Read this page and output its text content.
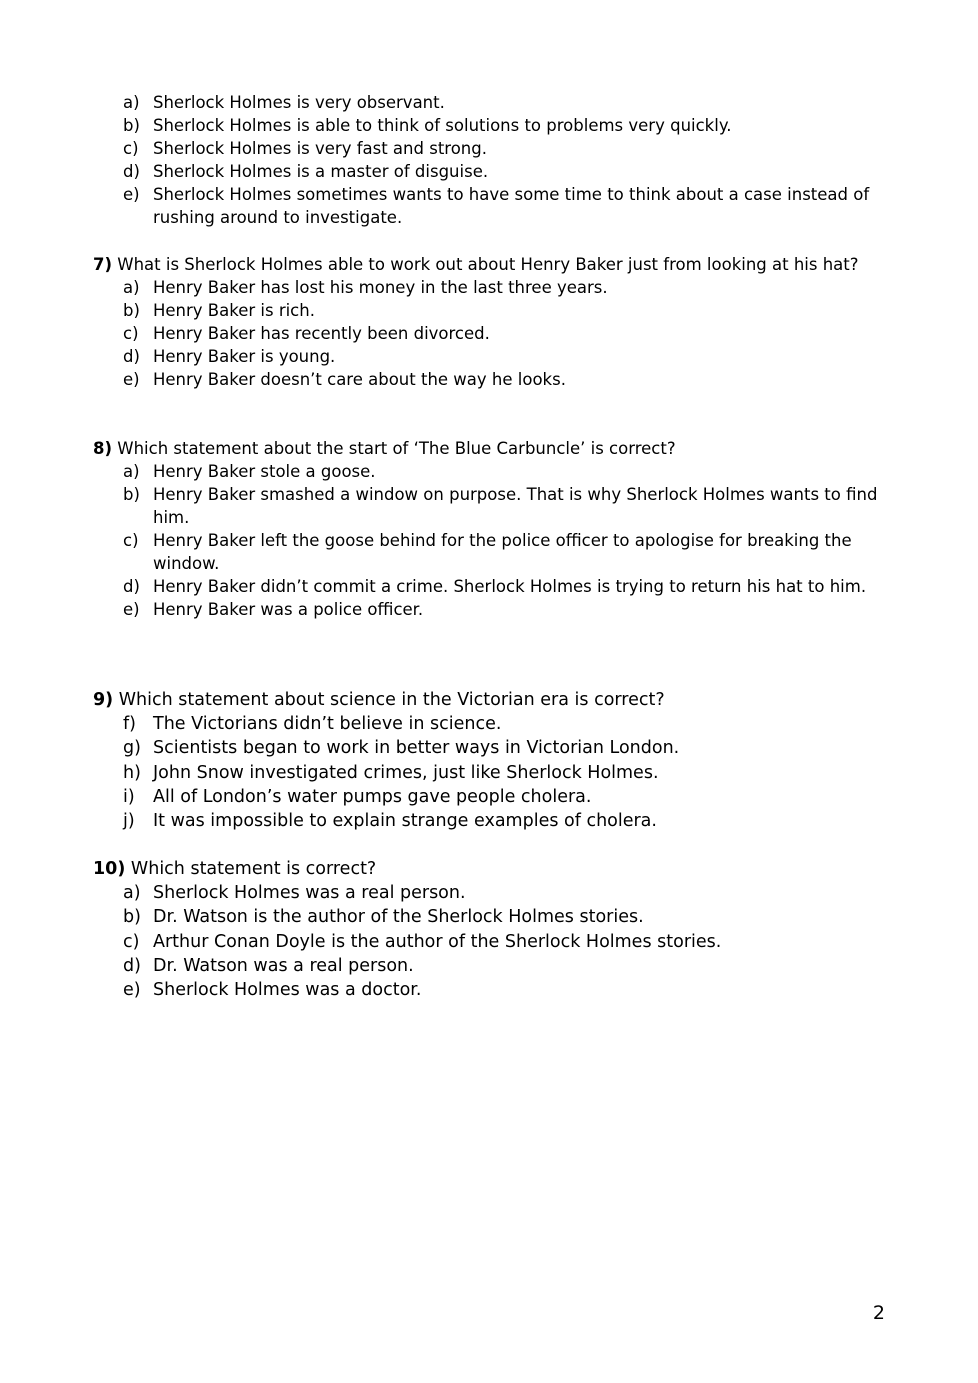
a) Sherlock Holmes is very observant.
b) Sherlock Holmes is able to think of solutions to problems very quickly.
c) Sherlock Holmes is very fast and strong.
d) Sherlock Holmes is a master of disguise.
e) Sherlock Holmes sometimes wants to have some time to think about a case instead of rushing around to investigate.

7) What is Sherlock Holmes able to work out about Henry Baker just from looking at his hat?

a) Henry Baker has lost his money in the last three years.
b) Henry Baker is rich.
c) Henry Baker has recently been divorced.
d) Henry Baker is young.
e) Henry Baker doesn’t care about the way he looks.

8) Which statement about the start of ‘The Blue Carbuncle’ is correct?

a) Henry Baker stole a goose.
b) Henry Baker smashed a window on purpose. That is why Sherlock Holmes wants to find him.
c) Henry Baker left the goose behind for the police officer to apologise for breaking the window.
d) Henry Baker didn’t commit a crime. Sherlock Holmes is trying to return his hat to him.
e) Henry Baker was a police officer.

9) Which statement about science in the Victorian era is correct?

f) The Victorians didn’t believe in science.
g) Scientists began to work in better ways in Victorian London.
h) John Snow investigated crimes, just like Sherlock Holmes.
i)	All of London’s water pumps gave people cholera.
j)	It was impossible to explain strange examples of cholera.

10) Which statement is correct?

a) Sherlock Holmes was a real person.
b) Dr. Watson is the author of the Sherlock Holmes stories.
c) Arthur Conan Doyle is the author of the Sherlock Holmes stories.
d) Dr. Watson was a real person.
e) Sherlock Holmes was a doctor.
2
